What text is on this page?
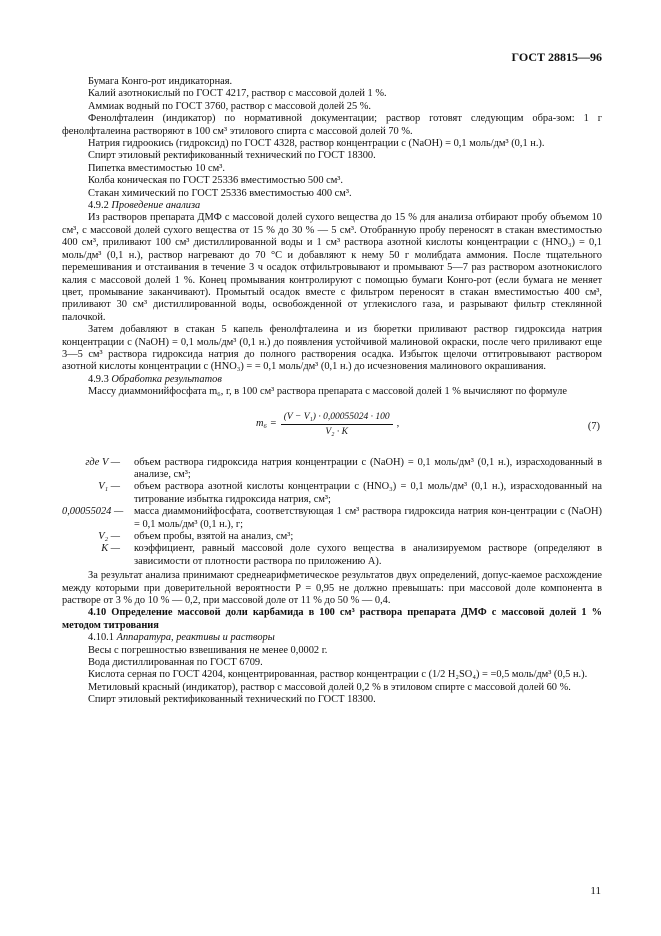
ГОСТ 28815—96

Бумага Конго-рот индикаторная.

Калий азотнокислый по ГОСТ 4217, раствор с массовой долей 1 %.

Аммиак водный по ГОСТ 3760, раствор с массовой долей 25 %.

Фенолфталеин (индикатор) по нормативной документации; раствор готовят следующим обра-зом: 1 г фенолфталеина растворяют в 100 см³ этилового спирта с массовой долей 70 %.

Натрия гидроокись (гидроксид) по ГОСТ 4328, раствор концентрации c (NaOH) = 0,1 моль/дм³ (0,1 н.).

Спирт этиловый ректификованный технический по ГОСТ 18300.

Пипетка вместимостью 10 см³.

Колба коническая по ГОСТ 25336 вместимостью 500 см³.

Стакан химический по ГОСТ 25336 вместимостью 400 см³.

4.9.2 Проведение анализа

Из растворов препарата ДМФ с массовой долей сухого вещества до 15 % для анализа отбирают пробу объемом 10 см³, с массовой долей сухого вещества от 15 % до 30 % — 5 см³. Отобранную пробу переносят в стакан вместимостью 400 см³, приливают 100 см³ дистиллированной воды и 1 см³ раствора азотной кислоты концентрации c (HNO₃) = 0,1 моль/дм³ (0,1 н.), раствор нагревают до 70 °С и добавляют к нему 50 г молибдата аммония. После тщательного перемешивания и отстаивания в течение 3 ч осадок отфильтровывают и промывают 5—7 раз раствором азотнокислого калия с массовой долей 1 %. Конец промывания контролируют с помощью бумаги Конго-рот (если бумага не меняет цвет, промывание заканчивают). Промытый осадок вместе с фильтром переносят в стакан вместимостью 400 см³, приливают 30 см³ дистиллированной воды, освобожденной от углекислого газа, и разрывают фильтр стеклянной палочкой.

Затем добавляют в стакан 5 капель фенолфталеина и из бюретки приливают раствор гидроксида натрия концентрации c (NaOH) = 0,1 моль/дм³ (0,1 н.) до появления устойчивой малиновой окраски, после чего приливают еще 3—5 см³ раствора гидроксида натрия до полного растворения осадка. Избыток щелочи оттитровывают раствором азотной кислоты концентрации c (HNO₃) = = 0,1 моль/дм³ (0,1 н.) до исчезновения малинового окрашивания.

4.9.3 Обработка результатов

Массу диаммонийфосфата m₆, г, в 100 см³ раствора препарата с массовой долей 1 % вычисляют по формуле

$m_6 = \frac{\text{(V − V₁) · 0,00055024 · 100}}{\text{V₂ · K}}$ ,	(7)
где V — объем раствора гидроксида натрия концентрации c (NaOH) = 0,1 моль/дм³ (0,1 н.), израсходованный в анализе, см³;
V₁ — объем раствора азотной кислоты концентрации c (HNO₃) = 0,1 моль/дм³ (0,1 н.), израсходованный на титрование избытка гидроксида натрия, см³;
0,00055024 — масса диаммонийфосфата, соответствующая 1 см³ раствора гидроксида натрия кон-центрации c (NaOH) = 0,1 моль/дм³ (0,1 н.), г;
V₂ — объем пробы, взятой на анализ, см³;
K — коэффициент, равный массовой доле сухого вещества в анализируемом растворе (определяют в зависимости от плотности раствора по приложению А).

За результат анализа принимают среднеарифметическое результатов двух определений, допус-каемое расхождение между которыми при доверительной вероятности P = 0,95 не должно превышать: при массовой доле компонента в растворе от 3 % до 10 % — 0,2, при массовой доле от 11 % до 50 % — 0,4.

4.10 Определение массовой доли карбамида в 100 см³ раствора препарата ДМФ с массовой долей 1 % методом титрования

4.10.1 Аппаратура, реактивы и растворы

Весы с погрешностью взвешивания не менее 0,0002 г.

Вода дистиллированная по ГОСТ 6709.

Кислота серная по ГОСТ 4204, концентрированная, раствор концентрации c (1/2 H₂SO₄) = =0,5 моль/дм³ (0,5 н.).

Метиловый красный (индикатор), раствор с массовой долей 0,2 % в этиловом спирте с массовой долей 60 %.

Спирт этиловый ректификованный технический по ГОСТ 18300.

11
